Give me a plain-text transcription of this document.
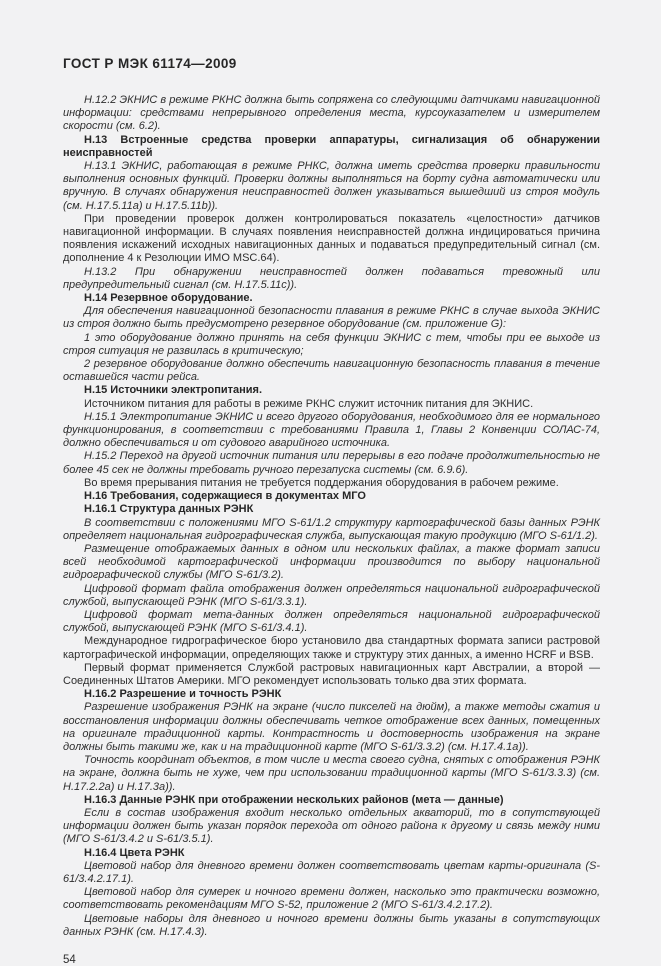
ГОСТ Р МЭК 61174—2009

Н.12.2 ЭКНИС в режиме РКНС должна быть сопряжена со следующими датчиками навигационной информации: средствами непрерывного определения места, курсоуказателем и измерителем скорости (см. 6.2).

Н.13 Встроенные средства проверки аппаратуры, сигнализация об обнаружении неисправностей

Н.13.1 ЭКНИС, работающая в режиме РНКС, должна иметь средства проверки правильности выполнения основных функций. Проверки должны выполняться на борту судна автоматически или вручную. В случаях обнаружения неисправностей должен указываться вышедший из строя модуль (см. Н.17.5.11а) и Н.17.5.11b)).

При проведении проверок должен контролироваться показатель «целостности» датчиков навигационной информации. В случаях появления неисправностей должна индицироваться причина появления искажений исходных навигационных данных и подаваться предупредительный сигнал (см. дополнение 4 к Резолюции ИМО MSC.64).

Н.13.2 При обнаружении неисправностей должен подаваться тревожный или предупредительный сигнал (см. Н.17.5.11с)).

Н.14 Резервное оборудование.

Для обеспечения навигационной безопасности плавания в режиме РКНС в случае выхода ЭКНИС из строя должно быть предусмотрено резервное оборудование (см. приложение G):

1 это оборудование должно принять на себя функции ЭКНИС с тем, чтобы при ее выходе из строя ситуация не развилась в критическую;

2 резервное оборудование должно обеспечить навигационную безопасность плавания в течение оставшейся части рейса.

Н.15 Источники электропитания.

Источником питания для работы в режиме РКНС служит источник питания для ЭКНИС.

Н.15.1 Электропитание ЭКНИС и всего другого оборудования, необходимого для ее нормального функционирования, в соответствии с требованиями Правила 1, Главы 2 Конвенции СОЛАС-74, должно обеспечиваться и от судового аварийного источника.

Н.15.2 Переход на другой источник питания или перерывы в его подаче продолжительностью не более 45 сек не должны требовать ручного перезапуска системы (см. 6.9.6).

Во время прерывания питания не требуется поддержания оборудования в рабочем режиме.

Н.16 Требования, содержащиеся в документах МГО

Н.16.1 Структура данных РЭНК

В соответствии с положениями МГО S-61/1.2 структуру картографической базы данных РЭНК определяет национальная гидрографическая служба, выпускающая такую продукцию (МГО S-61/1.2).

Размещение отображаемых данных в одном или нескольких файлах, а также формат записи всей необходимой картографической информации производится по выбору национальной гидрографической службы (МГО S-61/3.2).

Цифровой формат файла отображения должен определяться национальной гидрографической службой, выпускающей РЭНК (МГО S-61/3.3.1).

Цифровой формат мета-данных должен определяться национальной гидрографической службой, выпускающей РЭНК (МГО S-61/3.4.1).

Международное гидрографическое бюро установило два стандартных формата записи растровой картографической информации, определяющих также и структуру этих данных, а именно HCRF и BSB.

Первый формат применяется Службой растровых навигационных карт Австралии, а второй — Соединенных Штатов Америки. МГО рекомендует использовать только два этих формата.

Н.16.2 Разрешение и точность РЭНК

Разрешение изображения РЭНК на экране (число пикселей на дюйм), а также методы сжатия и восстановления информации должны обеспечивать четкое отображение всех данных, помещенных на оригинале традиционной карты. Контрастность и достоверность изображения на экране должны быть такими же, как и на традиционной карте (МГО S-61/3.3.2) (см. Н.17.4.1а)).

Точность координат объектов, в том числе и места своего судна, снятых с отображения РЭНК на экране, должна быть не хуже, чем при использовании традиционной карты (МГО S-61/3.3.3) (см. Н.17.2.2а) и Н.17.3а)).

Н.16.3 Данные РЭНК при отображении нескольких районов (мета — данные)

Если в состав изображения входит несколько отдельных акваторий, то в сопутствующей информации должен быть указан порядок перехода от одного района к другому и связь между ними (МГО S-61/3.4.2 и S-61/3.5.1).

Н.16.4 Цвета РЭНК

Цветовой набор для дневного времени должен соответствовать цветам карты-оригинала (S-61/3.4.2.17.1).

Цветовой набор для сумерек и ночного времени должен, насколько это практически возможно, соответствовать рекомендациям МГО S-52, приложение 2 (МГО S-61/3.4.2.17.2).

Цветовые наборы для дневного и ночного времени должны быть указаны в сопутствующих данных РЭНК (см. Н.17.4.3).

54
